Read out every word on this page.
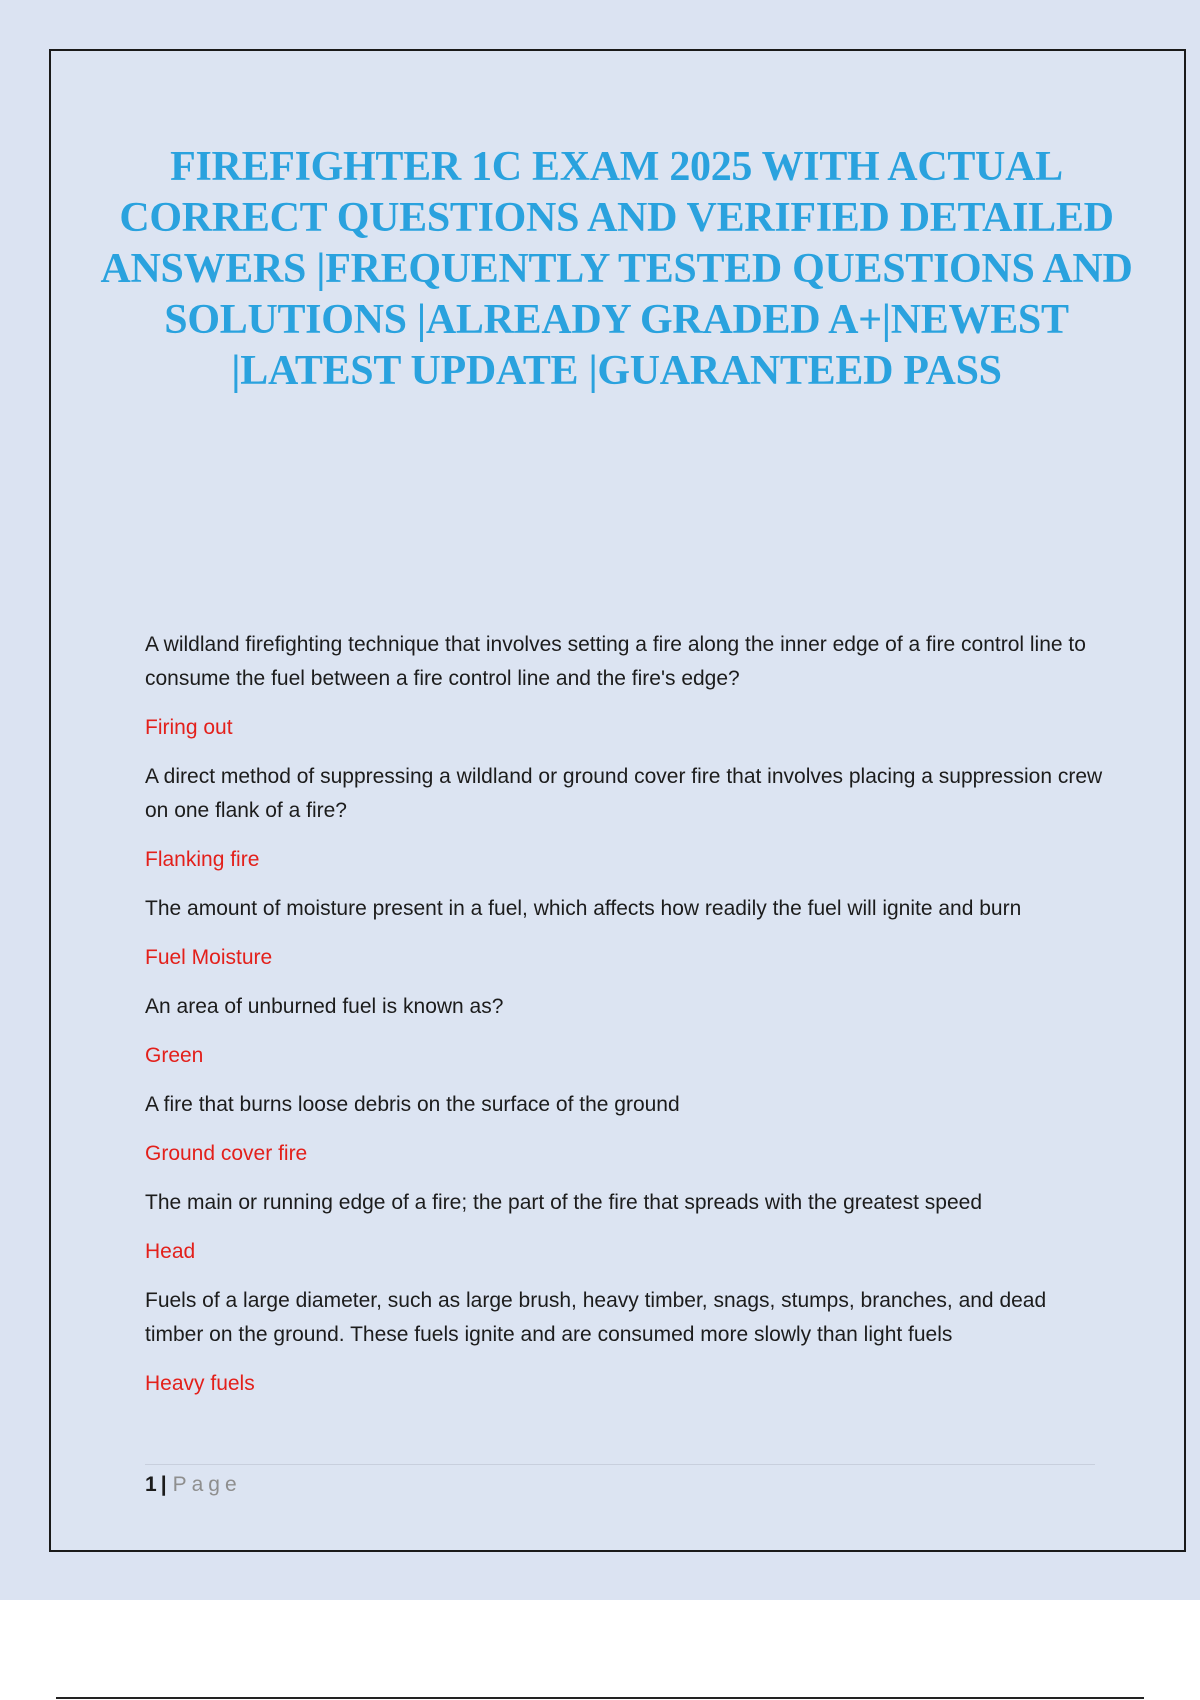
FIREFIGHTER 1C EXAM 2025 WITH ACTUAL CORRECT QUESTIONS AND VERIFIED DETAILED ANSWERS |FREQUENTLY TESTED QUESTIONS AND SOLUTIONS |ALREADY GRADED A+|NEWEST |LATEST UPDATE |GUARANTEED PASS

A wildland firefighting technique that involves setting a fire along the inner edge of a fire control line to consume the fuel between a fire control line and the fire's edge?

Firing out

A direct method of suppressing a wildland or ground cover fire that involves placing a suppression crew on one flank of a fire?

Flanking fire

The amount of moisture present in a fuel, which affects how readily the fuel will ignite and burn

Fuel Moisture

An area of unburned fuel is known as?

Green

A fire that burns loose debris on the surface of the ground

Ground cover fire

The main or running edge of a fire; the part of the fire that spreads with the greatest speed

Head

Fuels of a large diameter, such as large brush, heavy timber, snags, stumps, branches, and dead timber on the ground. These fuels ignite and are consumed more slowly than light fuels

Heavy fuels

1 | Page
